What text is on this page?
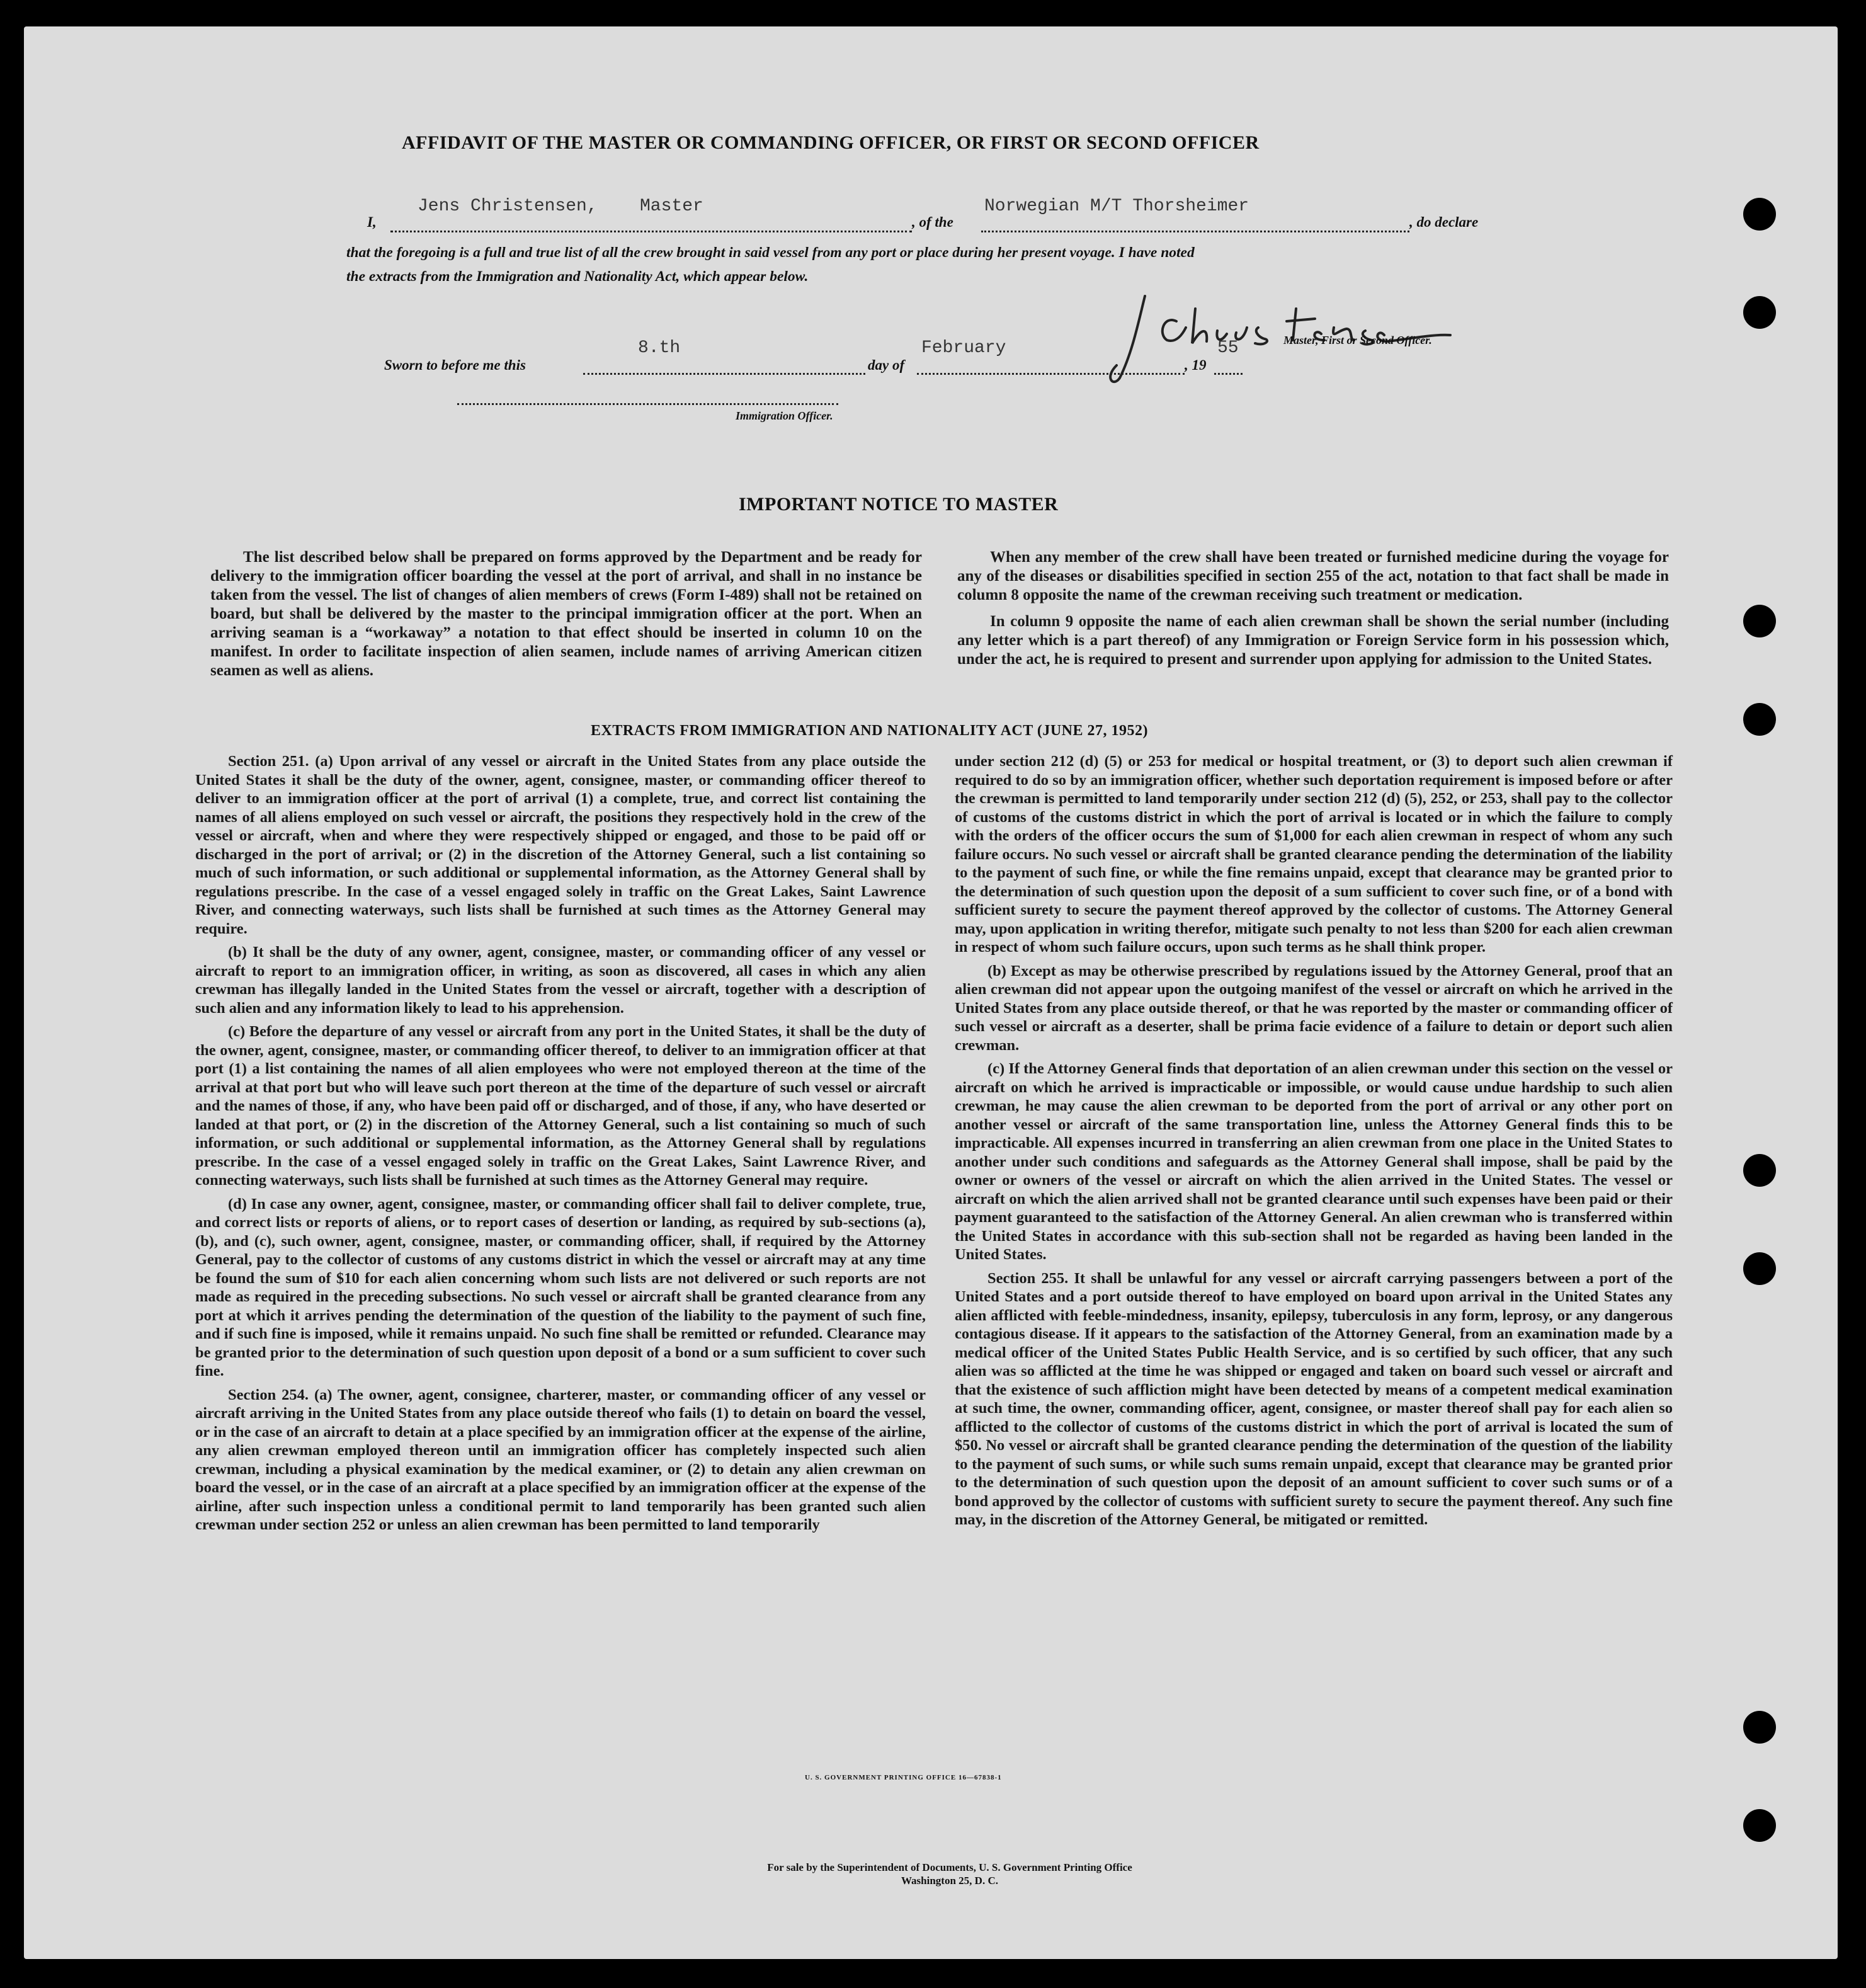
AFFIDAVIT OF THE MASTER OR COMMANDING OFFICER, OR FIRST OR SECOND OFFICER
I,
Jens Christensen, Master
, of the
Norwegian M/T Thorsheimer
, do declare
that the foregoing is a full and true list of all the crew brought in said vessel from any port or place during her present voyage. I have noted
the extracts from the Immigration and Nationality Act, which appear below.
Master, First or Second Officer.
Sworn to before me this
8.th
day of
February
, 19
55
Immigration Officer.
IMPORTANT NOTICE TO MASTER

The list described below shall be prepared on forms approved by the Department and be ready for delivery to the immigration officer boarding the vessel at the port of arrival, and shall in no instance be taken from the vessel. The list of changes of alien members of crews (Form I-489) shall not be retained on board, but shall be delivered by the master to the principal immigration officer at the port. When an arriving seaman is a “workaway” a notation to that effect should be inserted in column 10 on the manifest. In order to facilitate inspection of alien seamen, include names of arriving American citizen seamen as well as aliens.

When any member of the crew shall have been treated or furnished medicine during the voyage for any of the diseases or disabilities specified in section 255 of the act, notation to that fact shall be made in column 8 opposite the name of the crewman receiving such treatment or medication.

In column 9 opposite the name of each alien crewman shall be shown the serial number (including any letter which is a part thereof) of any Immigration or Foreign Service form in his possession which, under the act, he is required to present and surrender upon applying for admission to the United States.

EXTRACTS FROM IMMIGRATION AND NATIONALITY ACT (JUNE 27, 1952)

Section 251. (a) Upon arrival of any vessel or aircraft in the United States from any place outside the United States it shall be the duty of the owner, agent, consignee, master, or commanding officer thereof to deliver to an immigration officer at the port of arrival (1) a complete, true, and correct list containing the names of all aliens employed on such vessel or aircraft, the positions they respectively hold in the crew of the vessel or aircraft, when and where they were respectively shipped or engaged, and those to be paid off or discharged in the port of arrival; or (2) in the discretion of the Attorney General, such a list containing so much of such information, or such additional or supplemental information, as the Attorney General shall by regulations prescribe. In the case of a vessel engaged solely in traffic on the Great Lakes, Saint Lawrence River, and connecting waterways, such lists shall be furnished at such times as the Attorney General may require.

(b) It shall be the duty of any owner, agent, consignee, master, or commanding officer of any vessel or aircraft to report to an immigration officer, in writing, as soon as discovered, all cases in which any alien crewman has illegally landed in the United States from the vessel or aircraft, together with a description of such alien and any information likely to lead to his apprehension.

(c) Before the departure of any vessel or aircraft from any port in the United States, it shall be the duty of the owner, agent, consignee, master, or commanding officer thereof, to deliver to an immigration officer at that port (1) a list containing the names of all alien employees who were not employed thereon at the time of the arrival at that port but who will leave such port thereon at the time of the departure of such vessel or aircraft and the names of those, if any, who have been paid off or discharged, and of those, if any, who have deserted or landed at that port, or (2) in the discretion of the Attorney General, such a list containing so much of such information, or such additional or supplemental information, as the Attorney General shall by regulations prescribe. In the case of a vessel engaged solely in traffic on the Great Lakes, Saint Lawrence River, and connecting waterways, such lists shall be furnished at such times as the Attorney General may require.

(d) In case any owner, agent, consignee, master, or commanding officer shall fail to deliver complete, true, and correct lists or reports of aliens, or to report cases of desertion or landing, as required by sub-sections (a), (b), and (c), such owner, agent, consignee, master, or commanding officer, shall, if required by the Attorney General, pay to the collector of customs of any customs district in which the vessel or aircraft may at any time be found the sum of $10 for each alien concerning whom such lists are not delivered or such reports are not made as required in the preceding subsections. No such vessel or aircraft shall be granted clearance from any port at which it arrives pending the determination of the question of the liability to the payment of such fine, and if such fine is imposed, while it remains unpaid. No such fine shall be remitted or refunded. Clearance may be granted prior to the determination of such question upon deposit of a bond or a sum sufficient to cover such fine.

Section 254. (a) The owner, agent, consignee, charterer, master, or commanding officer of any vessel or aircraft arriving in the United States from any place outside thereof who fails (1) to detain on board the vessel, or in the case of an aircraft to detain at a place specified by an immigration officer at the expense of the airline, any alien crewman employed thereon until an immigration officer has completely inspected such alien crewman, including a physical examination by the medical examiner, or (2) to detain any alien crewman on board the vessel, or in the case of an aircraft at a place specified by an immigration officer at the expense of the airline, after such inspection unless a conditional permit to land temporarily has been granted such alien crewman under section 252 or unless an alien crewman has been permitted to land temporarily

under section 212 (d) (5) or 253 for medical or hospital treatment, or (3) to deport such alien crewman if required to do so by an immigration officer, whether such deportation requirement is imposed before or after the crewman is permitted to land temporarily under section 212 (d) (5), 252, or 253, shall pay to the collector of customs of the customs district in which the port of arrival is located or in which the failure to comply with the orders of the officer occurs the sum of $1,000 for each alien crewman in respect of whom any such failure occurs. No such vessel or aircraft shall be granted clearance pending the determination of the liability to the payment of such fine, or while the fine remains unpaid, except that clearance may be granted prior to the determination of such question upon the deposit of a sum sufficient to cover such fine, or of a bond with sufficient surety to secure the payment thereof approved by the collector of customs. The Attorney General may, upon application in writing therefor, mitigate such penalty to not less than $200 for each alien crewman in respect of whom such failure occurs, upon such terms as he shall think proper.

(b) Except as may be otherwise prescribed by regulations issued by the Attorney General, proof that an alien crewman did not appear upon the outgoing manifest of the vessel or aircraft on which he arrived in the United States from any place outside thereof, or that he was reported by the master or commanding officer of such vessel or aircraft as a deserter, shall be prima facie evidence of a failure to detain or deport such alien crewman.

(c) If the Attorney General finds that deportation of an alien crewman under this section on the vessel or aircraft on which he arrived is impracticable or impossible, or would cause undue hardship to such alien crewman, he may cause the alien crewman to be deported from the port of arrival or any other port on another vessel or aircraft of the same transportation line, unless the Attorney General finds this to be impracticable. All expenses incurred in transferring an alien crewman from one place in the United States to another under such conditions and safeguards as the Attorney General shall impose, shall be paid by the owner or owners of the vessel or aircraft on which the alien arrived in the United States. The vessel or aircraft on which the alien arrived shall not be granted clearance until such expenses have been paid or their payment guaranteed to the satisfaction of the Attorney General. An alien crewman who is transferred within the United States in accordance with this sub-section shall not be regarded as having been landed in the United States.

Section 255. It shall be unlawful for any vessel or aircraft carrying passengers between a port of the United States and a port outside thereof to have employed on board upon arrival in the United States any alien afflicted with feeble-mindedness, insanity, epilepsy, tuberculosis in any form, leprosy, or any dangerous contagious disease. If it appears to the satisfaction of the Attorney General, from an examination made by a medical officer of the United States Public Health Service, and is so certified by such officer, that any such alien was so afflicted at the time he was shipped or engaged and taken on board such vessel or aircraft and that the existence of such affliction might have been detected by means of a competent medical examination at such time, the owner, commanding officer, agent, consignee, or master thereof shall pay for each alien so afflicted to the collector of customs of the customs district in which the port of arrival is located the sum of $50. No vessel or aircraft shall be granted clearance pending the determination of the question of the liability to the payment of such sums, or while such sums remain unpaid, except that clearance may be granted prior to the determination of such question upon the deposit of an amount sufficient to cover such sums or of a bond approved by the collector of customs with sufficient surety to secure the payment thereof. Any such fine may, in the discretion of the Attorney General, be mitigated or remitted.

U. S. GOVERNMENT PRINTING OFFICE 16—67838-1
For sale by the Superintendent of Documents, U. S. Government Printing Office
Washington 25, D. C.
